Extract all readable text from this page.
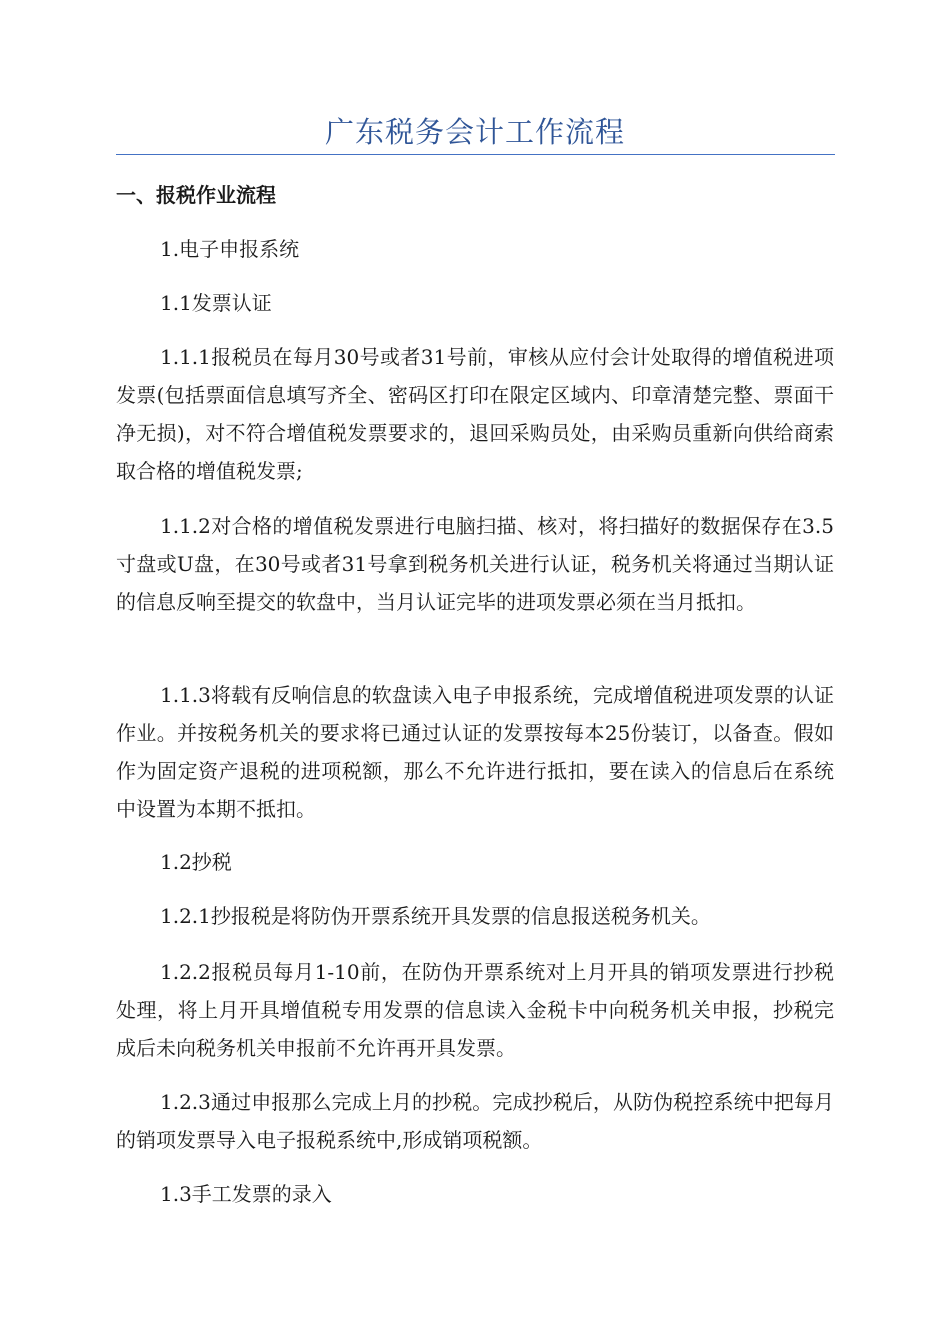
广东税务会计工作流程

一、报税作业流程

1.电子申报系统

1.1发票认证

1.1.1报税员在每月30号或者31号前，审核从应付会计处取得的增值税进项发票(包括票面信息填写齐全、密码区打印在限定区域内、印章清楚完整、票面干净无损)，对不符合增值税发票要求的，退回采购员处，由采购员重新向供给商索取合格的增值税发票;

1.1.2对合格的增值税发票进行电脑扫描、核对，将扫描好的数据保存在3.5寸盘或U盘，在30号或者31号拿到税务机关进行认证，税务机关将通过当期认证的信息反响至提交的软盘中，当月认证完毕的进项发票必须在当月抵扣。

1.1.3将载有反响信息的软盘读入电子申报系统，完成增值税进项发票的认证作业。并按税务机关的要求将已通过认证的发票按每本25份装订，以备查。假如作为固定资产退税的进项税额，那么不允许进行抵扣，要在读入的信息后在系统中设置为本期不抵扣。

1.2抄税

1.2.1抄报税是将防伪开票系统开具发票的信息报送税务机关。

1.2.2报税员每月1-10前，在防伪开票系统对上月开具的销项发票进行抄税处理，将上月开具增值税专用发票的信息读入金税卡中向税务机关申报，抄税完成后未向税务机关申报前不允许再开具发票。

1.2.3通过申报那么完成上月的抄税。完成抄税后，从防伪税控系统中把每月的销项发票导入电子报税系统中,形成销项税额。

1.3手工发票的录入
